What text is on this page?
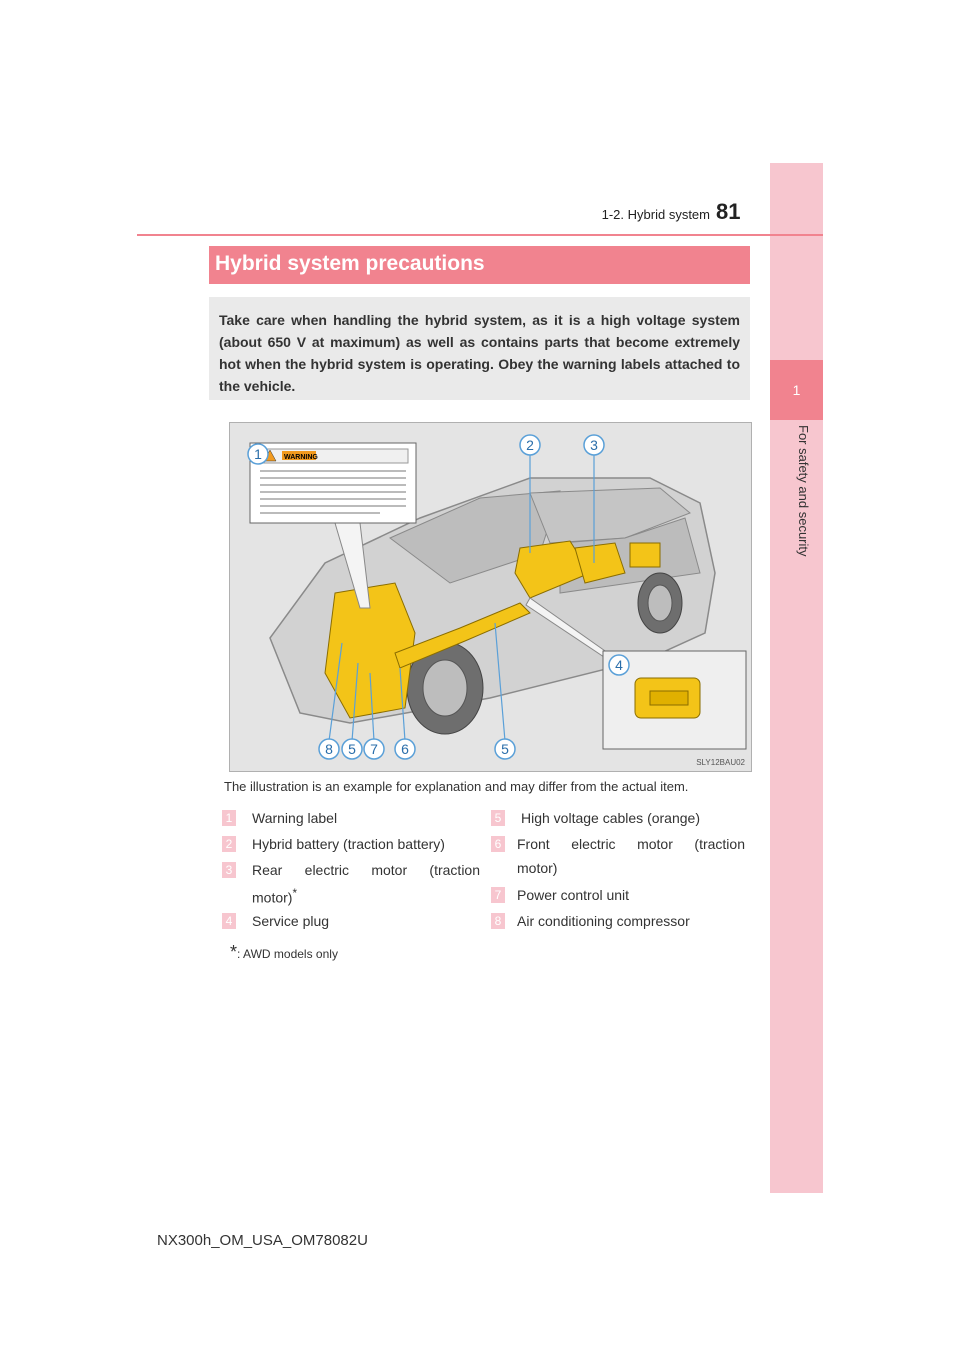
1
For safety and security
1-2. Hybrid system 81
Hybrid system precautions

Take care when handling the hybrid system, as it is a high voltage system (about 650 V at maximum) as well as contains parts that become extremely hot when the hybrid system is operating. Obey the warning labels attached to the vehicle.

WARNING
1
2	3
4
8 5 7 6	5
SLY12BAU02
The illustration is an example for explanation and may differ from the actual item.
1 Warning label
2 Hybrid battery (traction battery)
3 Rear electric motor (traction
motor)*
4 Service plug
5 High voltage cables (orange)
6 Front electric motor (traction
motor)
7 Power control unit
8 Air conditioning compressor
*: AWD models only
NX300h_OM_USA_OM78082U
